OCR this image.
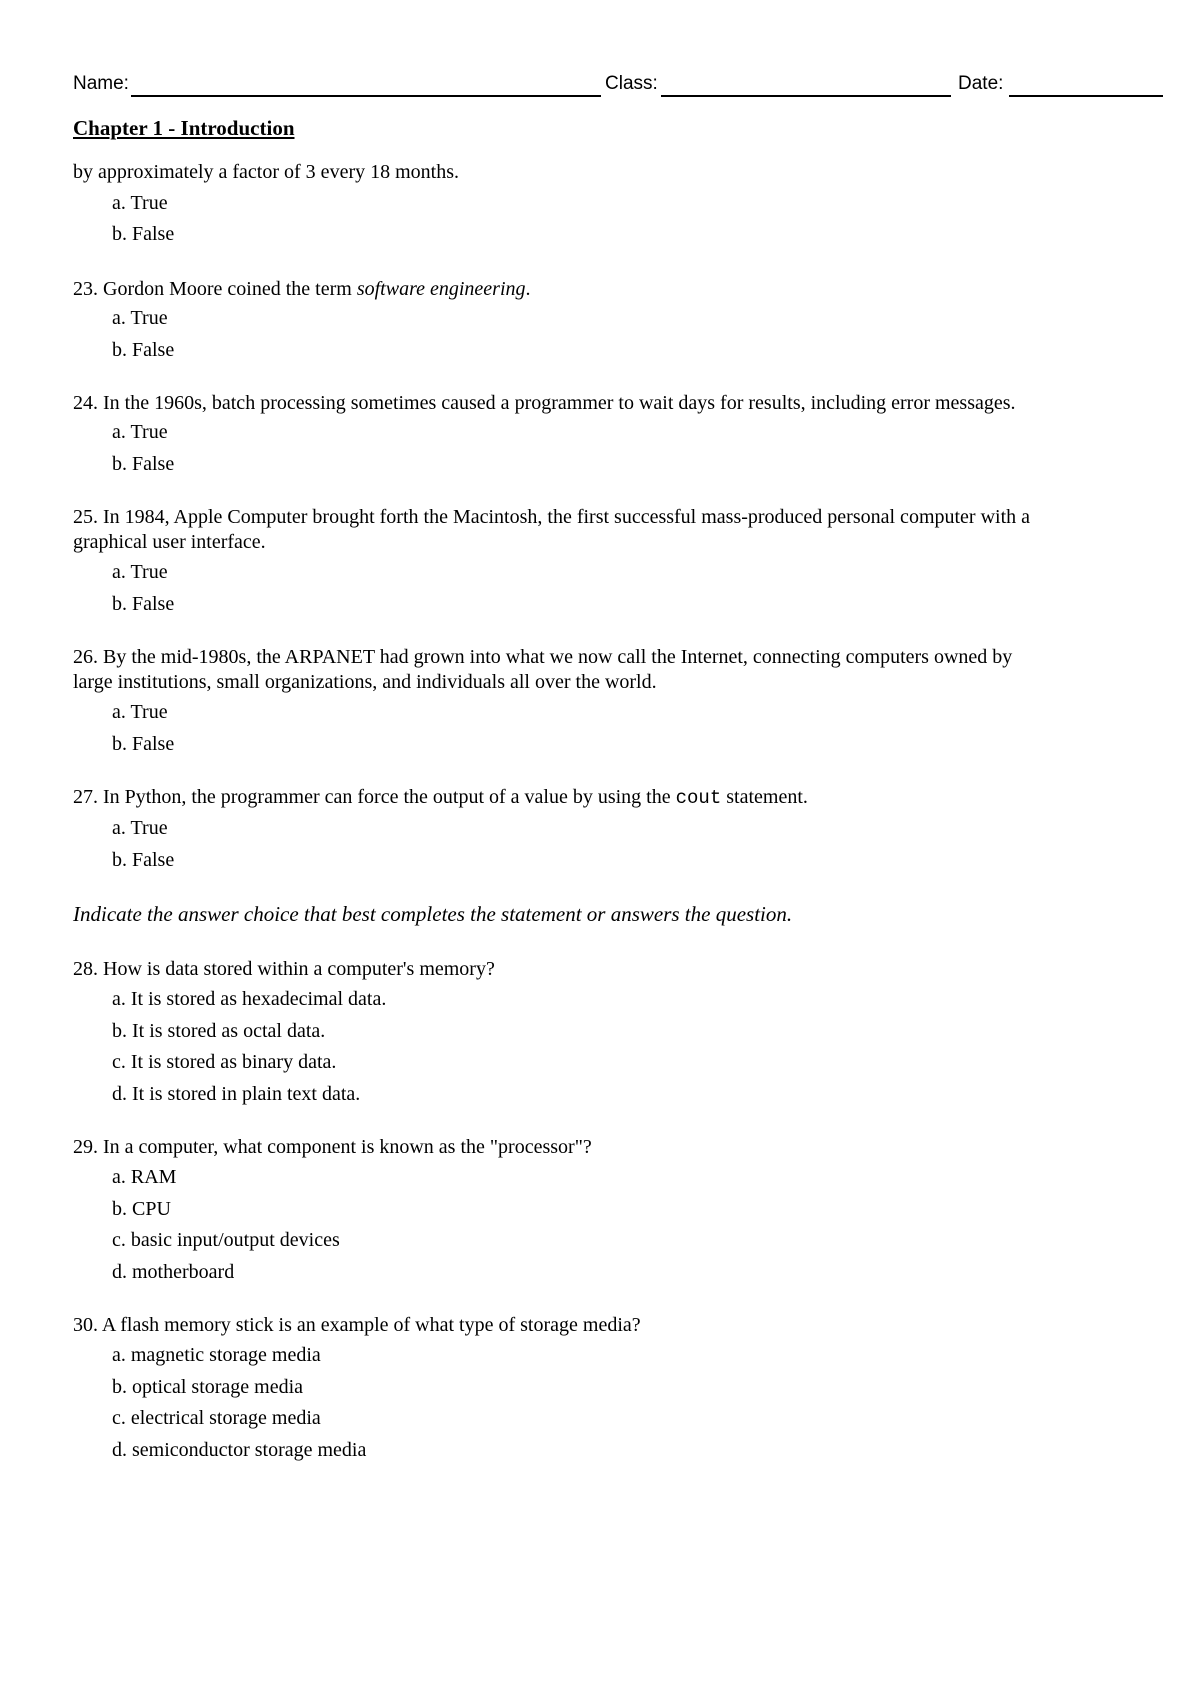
Name:	Class:	Date:
Chapter 1 - Introduction
by approximately a factor of 3 every 18 months.
a. True
b. False
23. Gordon Moore coined the term software engineering.
a. True
b. False
24. In the 1960s, batch processing sometimes caused a programmer to wait days for results, including error messages.
a. True
b. False
25. In 1984, Apple Computer brought forth the Macintosh, the first successful mass-produced personal computer with a
graphical user interface.
a. True
b. False
26. By the mid-1980s, the ARPANET had grown into what we now call the Internet, connecting computers owned by
large institutions, small organizations, and individuals all over the world.
a. True
b. False
27. In Python, the programmer can force the output of a value by using the cout statement.
a. True
b. False
Indicate the answer choice that best completes the statement or answers the question.
28. How is data stored within a computer's memory?
a. It is stored as hexadecimal data.
b. It is stored as octal data.
c. It is stored as binary data.
d. It is stored in plain text data.
29. In a computer, what component is known as the "processor"?
a. RAM
b. CPU
c. basic input/output devices
d. motherboard
30. A flash memory stick is an example of what type of storage media?
a. magnetic storage media
b. optical storage media
c. electrical storage media
d. semiconductor storage media
